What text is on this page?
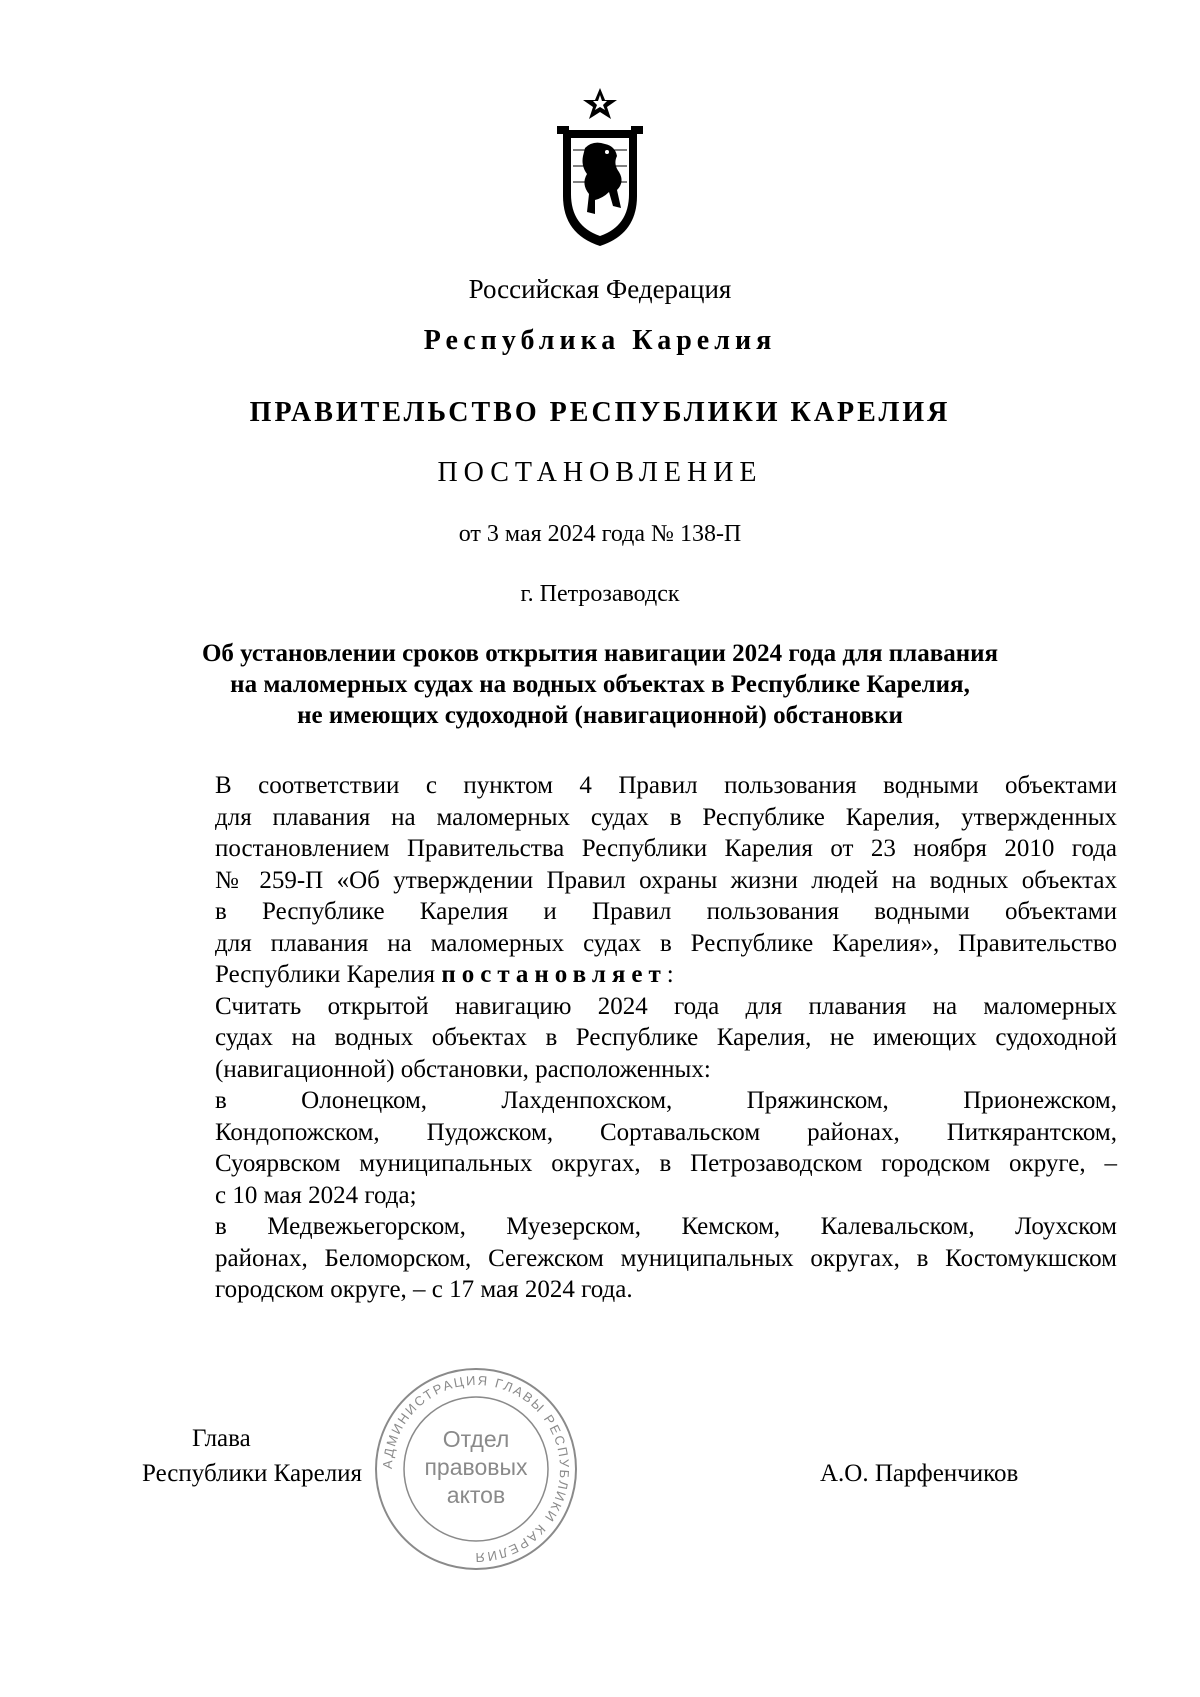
Российская Федерация
Республика Карелия
ПРАВИТЕЛЬСТВО РЕСПУБЛИКИ КАРЕЛИЯ
ПОСТАНОВЛЕНИЕ
от 3 мая 2024 года № 138-П
г. Петрозаводск
Об установлении сроков открытия навигации 2024 года для плавания
на маломерных судах на водных объектах в Республике Карелия,
не имеющих судоходной (навигационной) обстановки

В соответствии с пунктом 4 Правил пользования водными объектами
для плавания на маломерных судах в Республике Карелия, утвержденных
постановлением Правительства Республики Карелия от 23 ноября 2010 года
№ 259-П «Об утверждении Правил охраны жизни людей на водных объектах
в Республике Карелия и Правил пользования водными объектами
для плавания на маломерных судах в Республике Карелия», Правительство
Республики Карелия постановляет:

Считать открытой навигацию 2024 года для плавания на маломерных
судах на водных объектах в Республике Карелия, не имеющих судоходной
(навигационной) обстановки, расположенных:

в Олонецком, Лахденпохском, Пряжинском, Прионежском,
Кондопожском, Пудожском, Сортавальском районах, Питкярантском,
Суоярвском муниципальных округах, в Петрозаводском городском округе, –
с 10 мая 2024 года;

в Медвежьегорском, Муезерском, Кемском, Калевальском, Лоухском
районах, Беломорском, Сегежском муниципальных округах, в Костомукшском
городском округе, – с 17 мая 2024 года.

АДМИНИСТРАЦИЯ ГЛАВЫ РЕСПУБЛИКИ КАРЕЛИЯ
Отдел
правовых
актов
Глава
Республики Карелия	А.О. Парфенчиков
